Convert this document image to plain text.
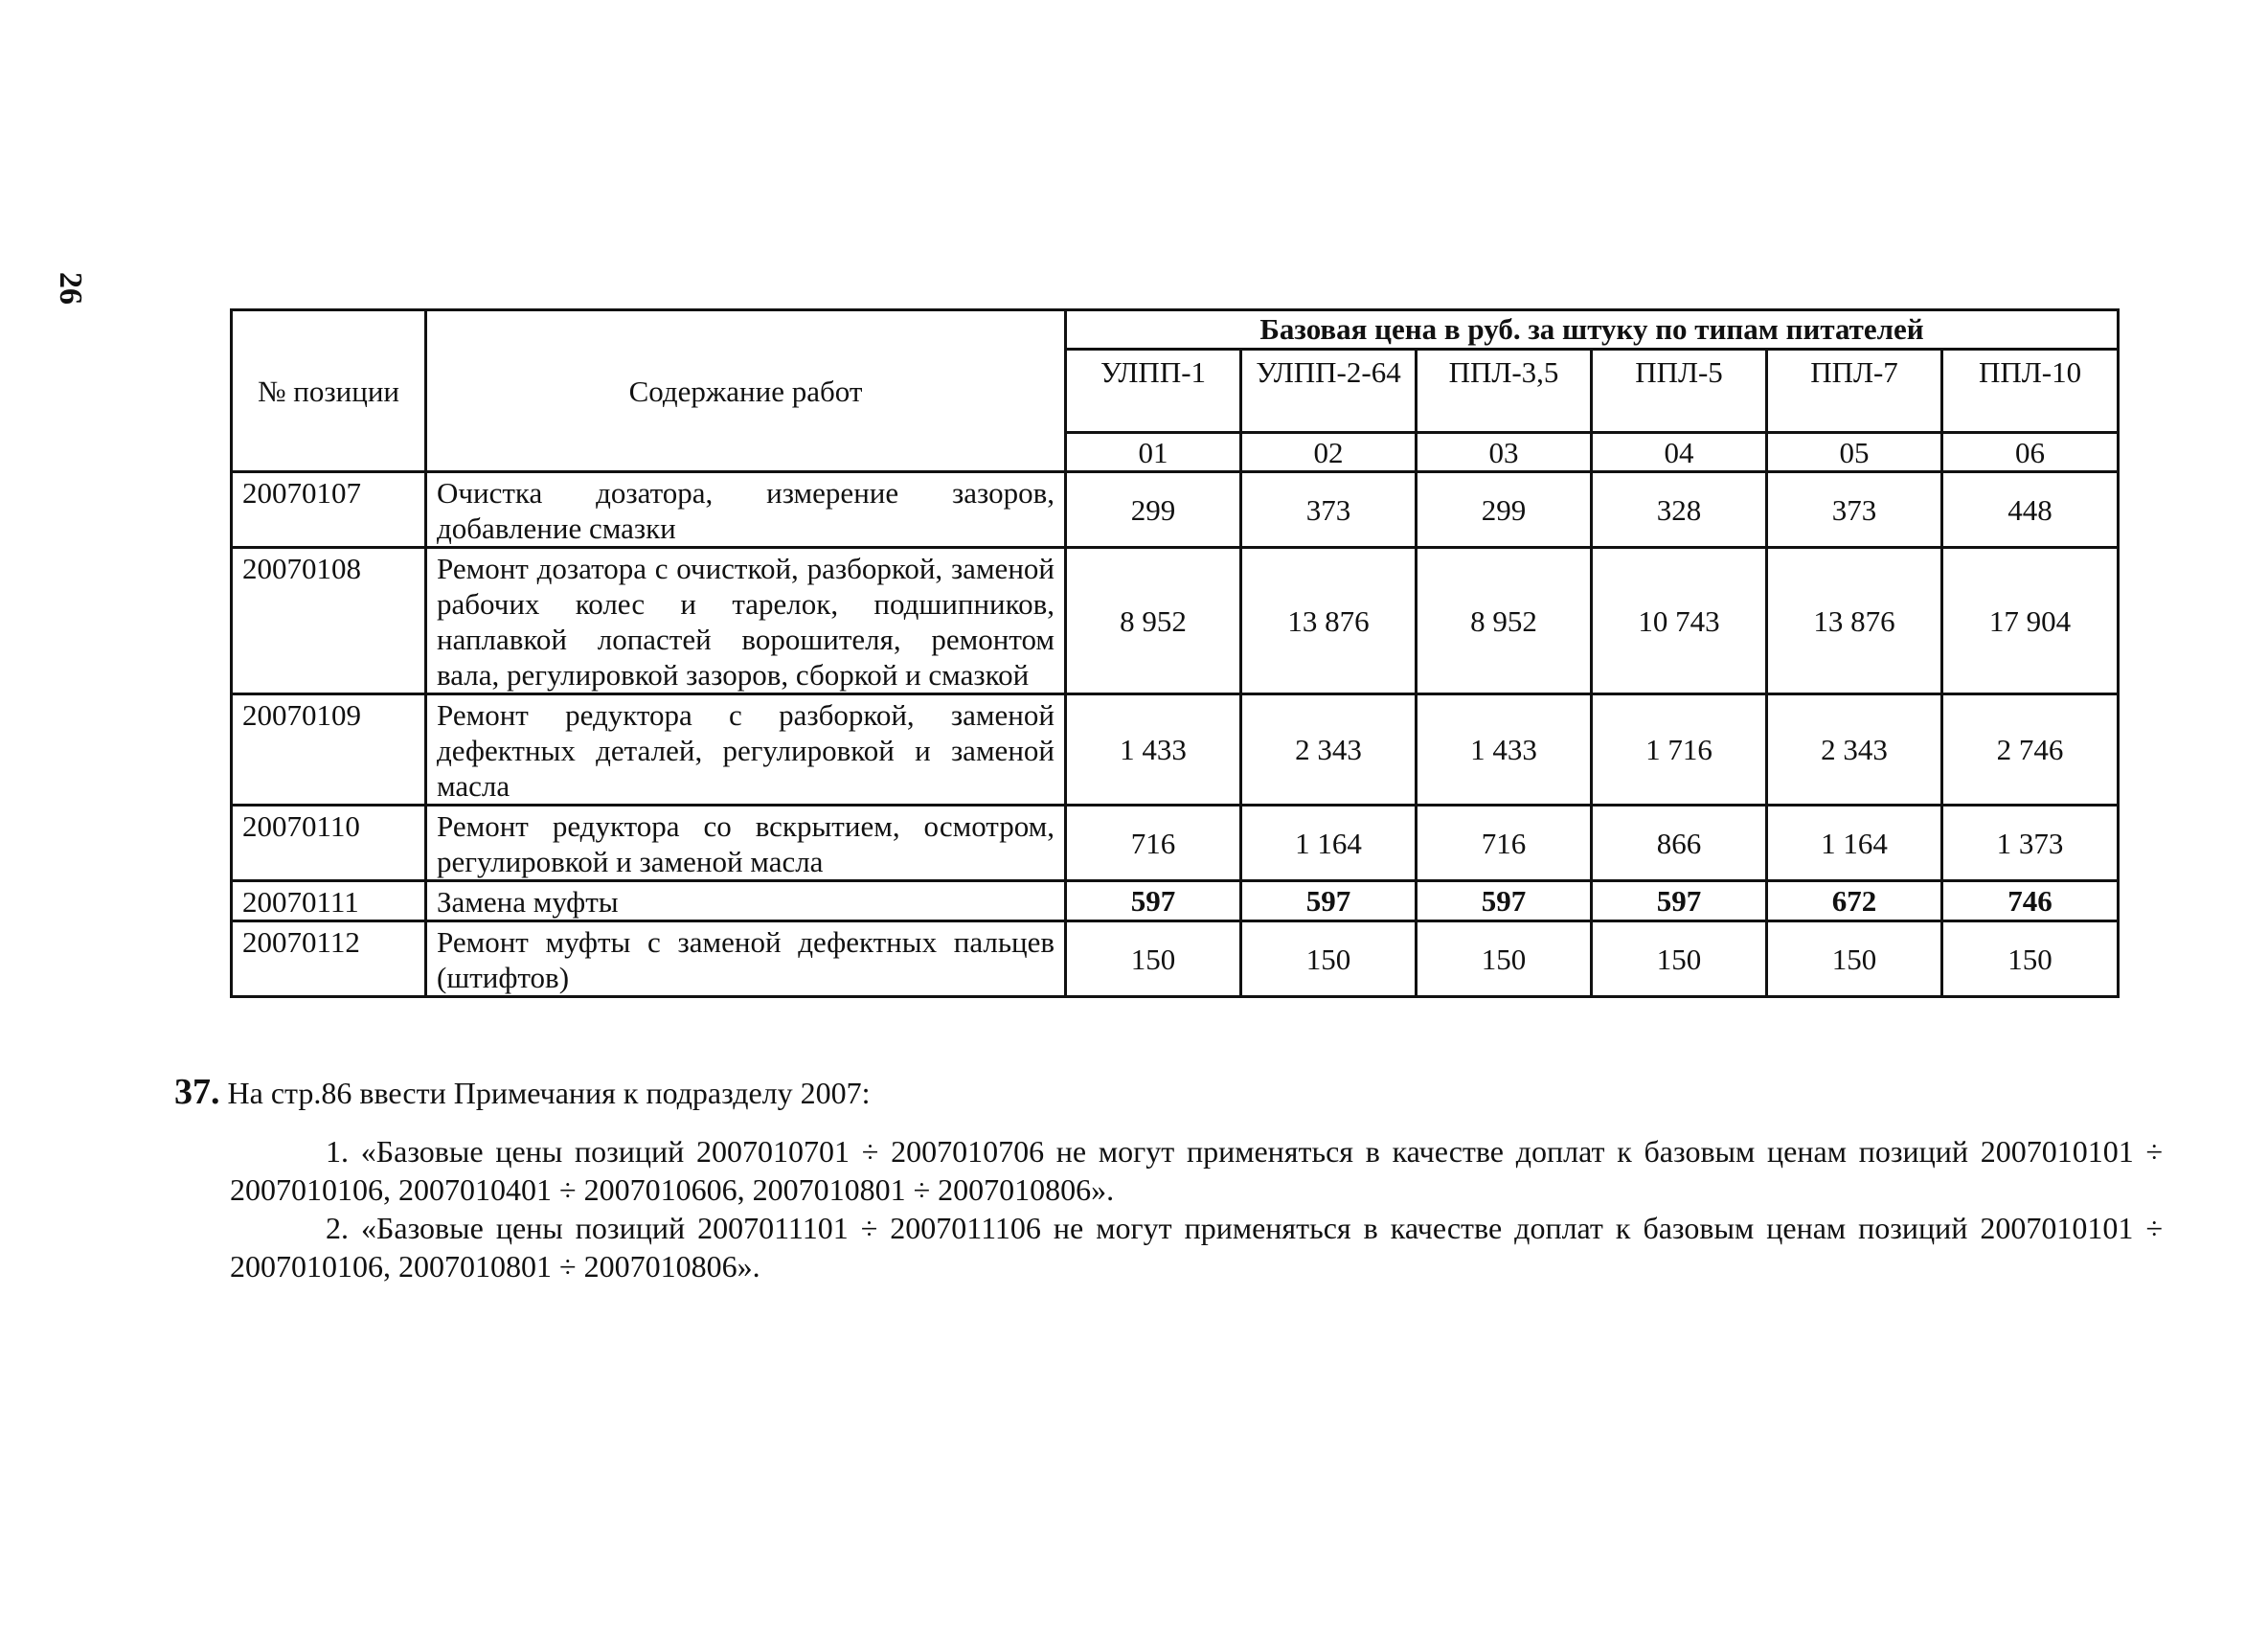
26
№ позиции	Содержание работ	Базовая цена в руб. за штуку по типам питателей					
		УЛПП-1	УЛПП-2-64	ППЛ-3,5	ППЛ-5	ППЛ-7	ППЛ-10
		01	02	03	04	05	06
20070107	Очистка дозатора, измерение зазоров, добавление смазки	299	373	299	328	373	448
20070108	Ремонт дозатора с очисткой, разборкой, заменой рабочих колес и тарелок, подшипников, наплавкой лопастей ворошителя, ремонтом вала, регулировкой зазоров, сборкой и смазкой	8 952	13 876	8 952	10 743	13 876	17 904
20070109	Ремонт редуктора с разборкой, заменой дефектных деталей, регулировкой и заменой масла	1 433	2 343	1 433	1 716	2 343	2 746
20070110	Ремонт редуктора со вскрытием, осмотром, регулировкой и заменой масла	716	1 164	716	866	1 164	1 373
20070111	Замена муфты	597	597	597	597	672	746
20070112	Ремонт муфты с заменой дефектных пальцев (штифтов)	150	150	150	150	150	150
37. На стр.86 ввести Примечания к подразделу 2007:
1. «Базовые цены позиций 2007010701 ÷ 2007010706 не могут применяться в качестве доплат к базовым ценам позиций 2007010101 ÷ 2007010106, 2007010401 ÷ 2007010606, 2007010801 ÷ 2007010806».
2. «Базовые цены позиций 2007011101 ÷ 2007011106 не могут применяться в качестве доплат к базовым ценам позиций 2007010101 ÷ 2007010106, 2007010801 ÷ 2007010806».
